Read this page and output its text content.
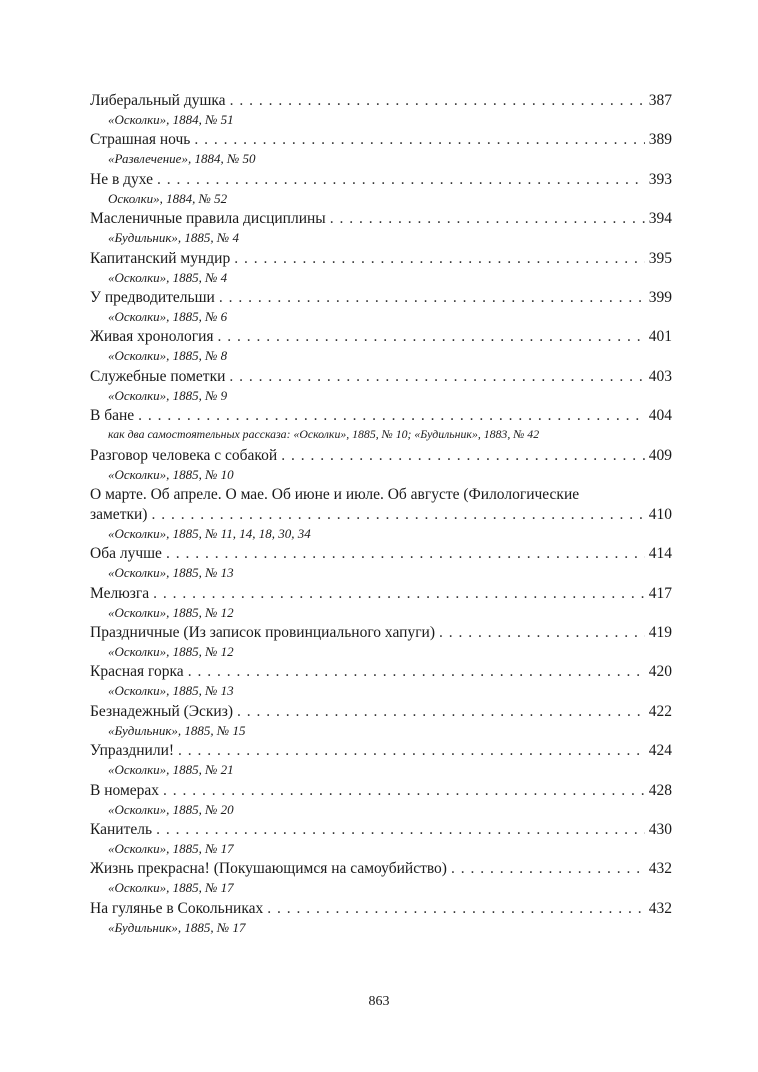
Либеральный душка . . .	387
«Осколки», 1884, № 51
Страшная ночь . . .	389
«Развлечение», 1884, № 50
Не в духе . . .	393
Осколки», 1884, № 52
Масленичные правила дисциплины . . .	394
«Будильник», 1885, № 4
Капитанский мундир . . .	395
«Осколки», 1885, № 4
У предводительши . . .	399
«Осколки», 1885, № 6
Живая хронология . . .	401
«Осколки», 1885, № 8
Служебные пометки . . .	403
«Осколки», 1885, № 9
В бане . . .	404
как два самостоятельных рассказа: «Осколки», 1885, № 10; «Будильник», 1883, № 42
Разговор человека с собакой . . .	409
«Осколки», 1885, № 10
О марте. Об апреле. О мае. Об июне и июле. Об августе (Филологические
заметки) . . .	410
«Осколки», 1885, № 11, 14, 18, 30, 34
Оба лучше . . .	414
«Осколки», 1885, № 13
Мелюзга . . .	417
«Осколки», 1885, № 12
Праздничные (Из записок провинциального хапуги) . . .	419
«Осколки», 1885, № 12
Красная горка . . .	420
«Осколки», 1885, № 13
Безнадежный (Эскиз) . . .	422
«Будильник», 1885, № 15
Упразднили! . . .	424
«Осколки», 1885, № 21
В номерах . . .	428
«Осколки», 1885, № 20
Канитель . . .	430
«Осколки», 1885, № 17
Жизнь прекрасна! (Покушающимся на самоубийство) . . .	432
«Осколки», 1885, № 17
На гулянье в Сокольниках . . .	432
«Будильник», 1885, № 17
863
